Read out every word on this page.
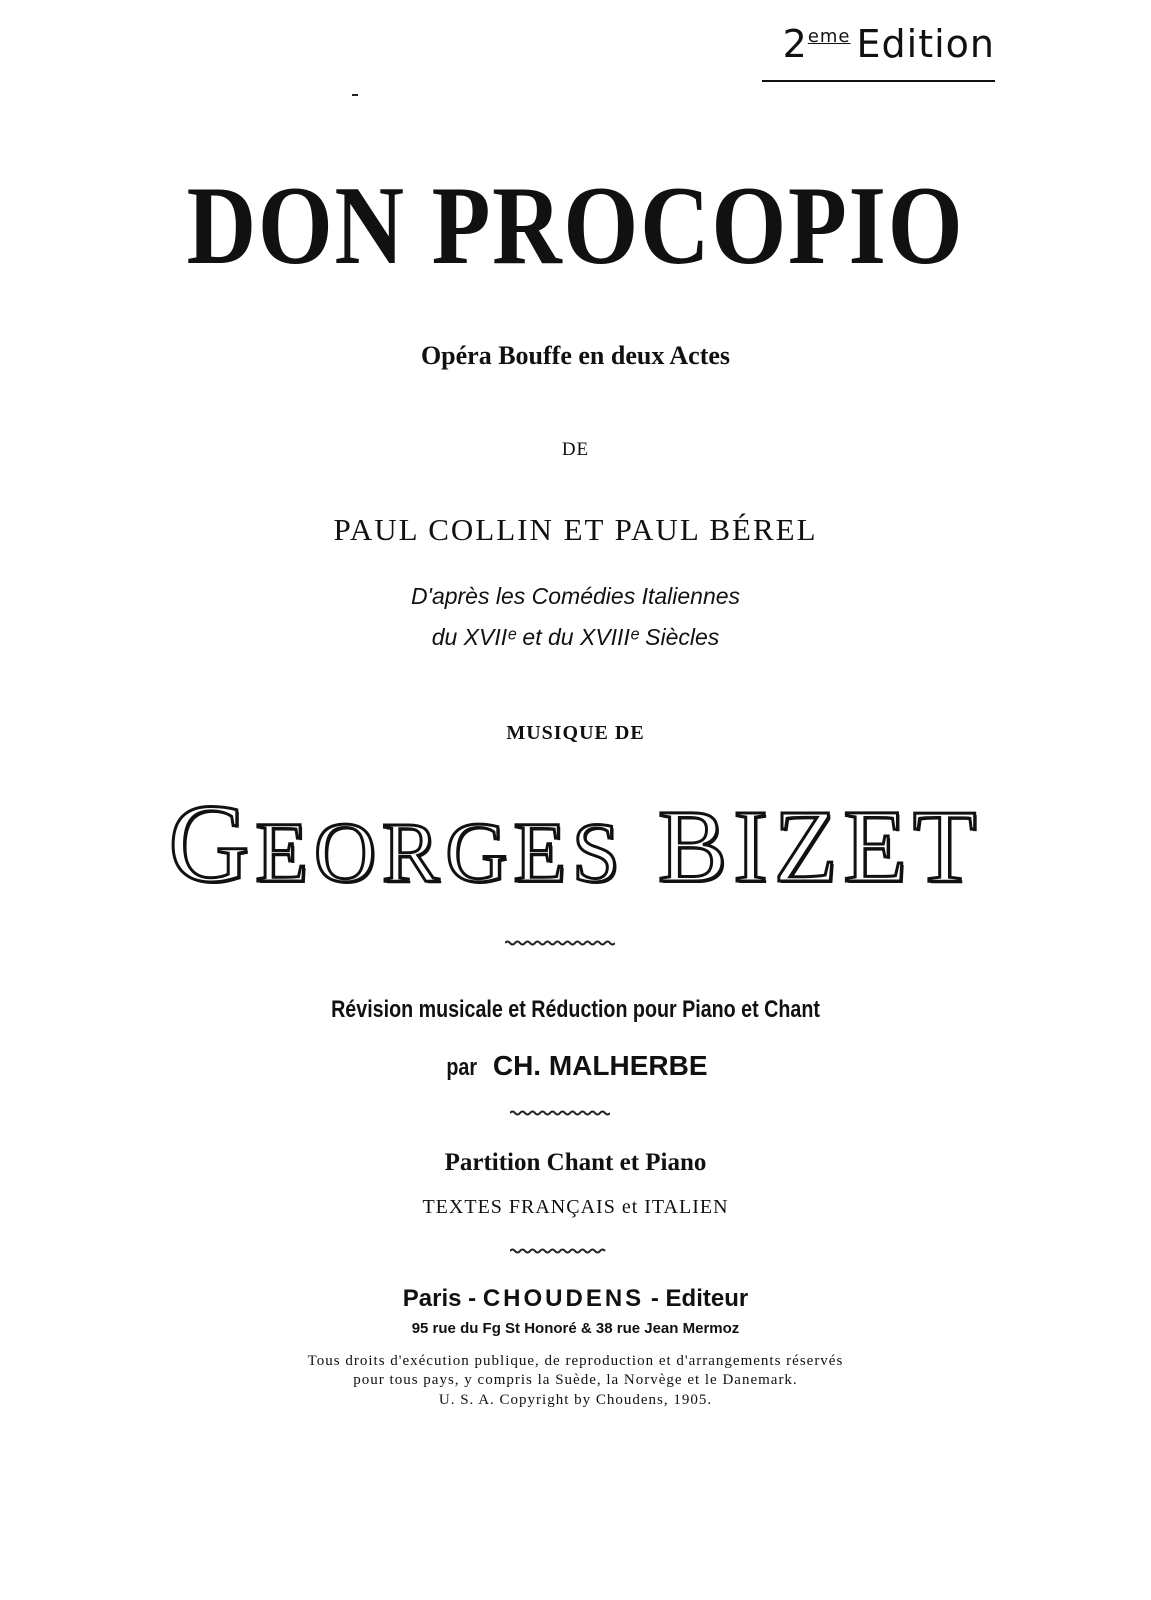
2eme Edition
DON PROCOPIO
Opéra Bouffe en deux Actes
DE
PAUL COLLIN ET PAUL BÉREL
D'après les Comédies Italiennes
du XVIIᵉ et du XVIIIᵉ Siècles
MUSIQUE DE
GEORGES BIZET
Révision musicale et Réduction pour Piano et Chant
par CH. MALHERBE
Partition Chant et Piano
TEXTES FRANÇAIS et ITALIEN
Paris - CHOUDENS - Editeur
95 rue du Fg St Honoré & 38 rue Jean Mermoz
Tous droits d'exécution publique, de reproduction et d'arrangements réservés
pour tous pays, y compris la Suède, la Norvège et le Danemark.
U. S. A. Copyright by Choudens, 1905.
